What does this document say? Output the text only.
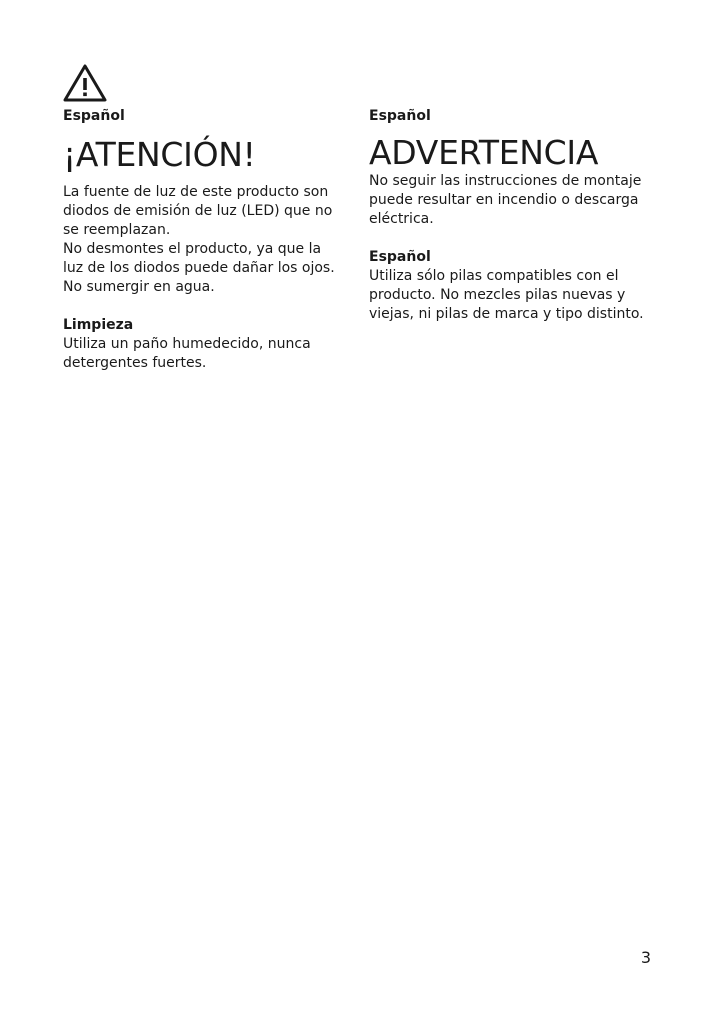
Español

¡ATENCIÓN!

La fuente de luz de este producto son
diodos de emisión de luz (LED) que no
se reemplazan.
No desmontes el producto, ya que la
luz de los diodos puede dañar los ojos.
No sumergir en agua.

Limpieza

Utiliza un paño humedecido, nunca
detergentes fuertes.

Español

ADVERTENCIA

No seguir las instrucciones de montaje
puede resultar en incendio o descarga
eléctrica.

Español

Utiliza sólo pilas compatibles con el
producto. No mezcles pilas nuevas y
viejas, ni pilas de marca y tipo distinto.

3
